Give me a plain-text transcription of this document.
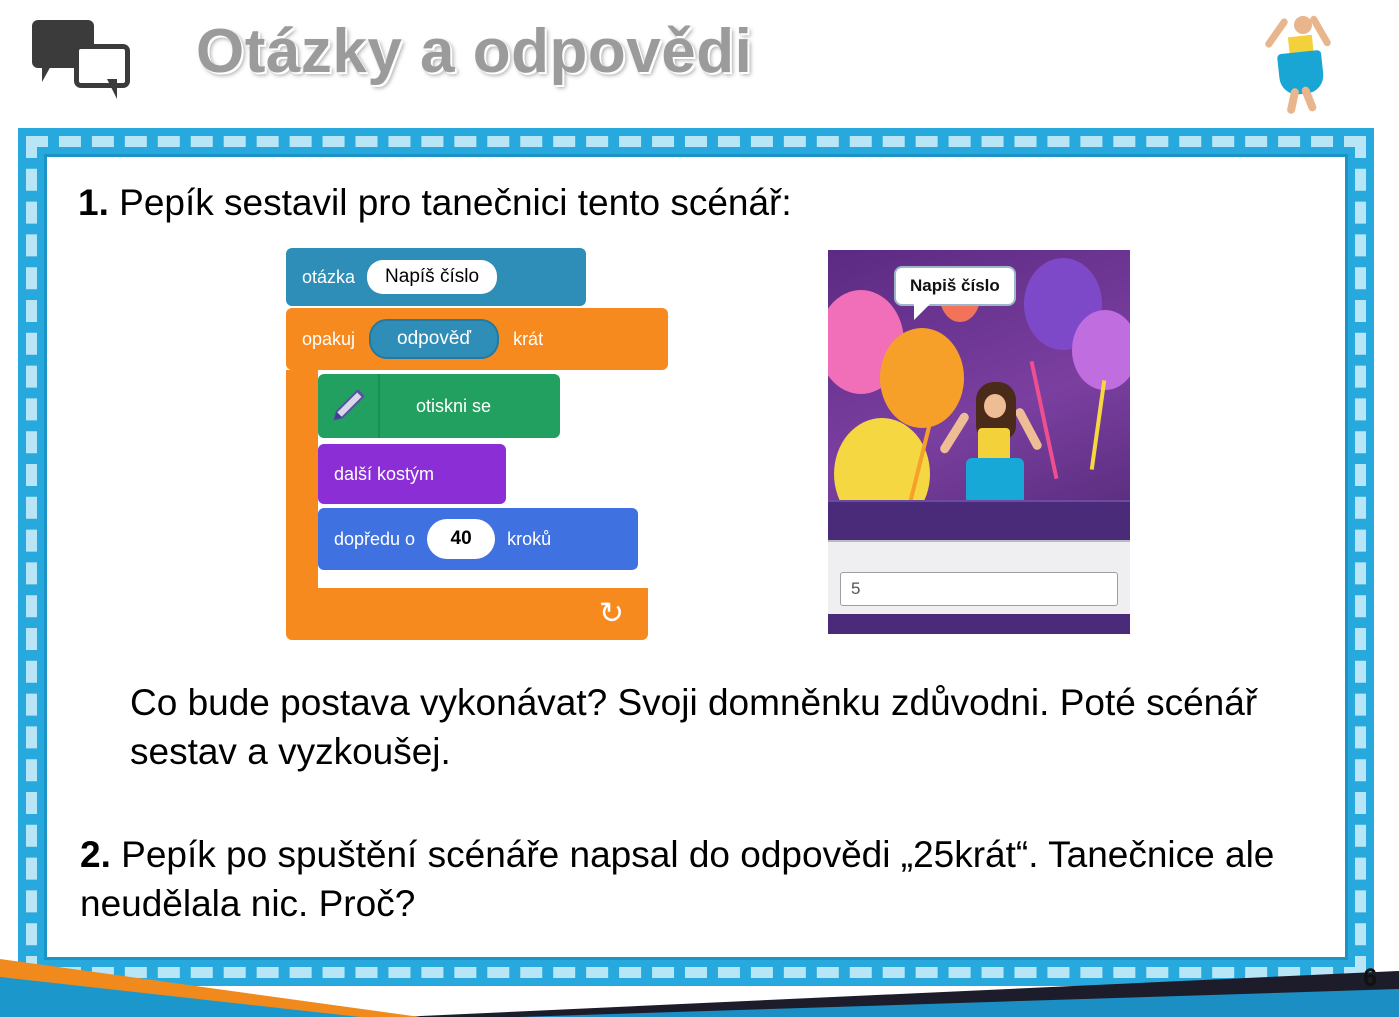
Otázky a odpovědi
1. Pepík sestavil pro tanečnici tento scénář:
↻
otázka	Napíš číslo
opakuj	odpověď	krát
otiskni se
další kostým
dopředu o	40	kroků
Napiš číslo
5
Co bude postava vykonávat? Svoji domněnku zdůvodni. Poté scénář sestav a vyzkoušej.
2. Pepík po spuštění scénáře napsal do odpovědi „25krát“. Tanečnice ale neudělala nic. Proč?
6
